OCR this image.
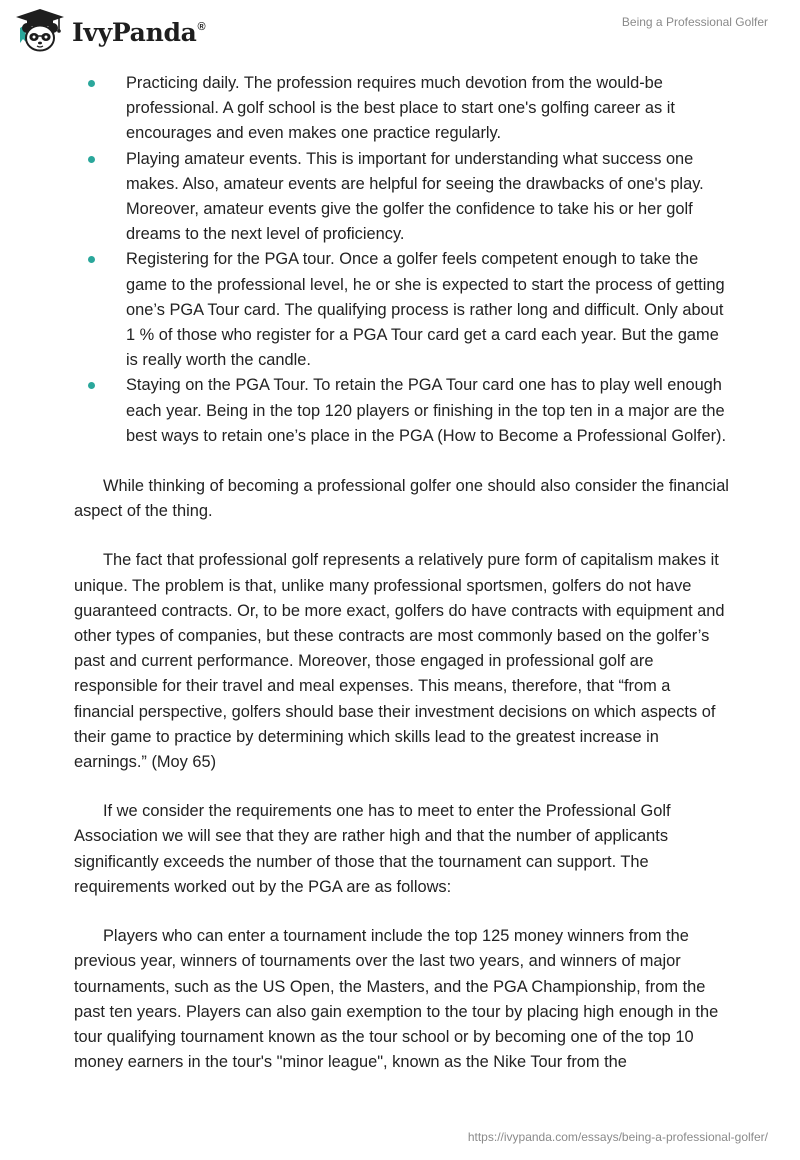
IvyPanda®	Being a Professional Golfer
Practicing daily. The profession requires much devotion from the would-be professional. A golf school is the best place to start one's golfing career as it encourages and even makes one practice regularly.
Playing amateur events. This is important for understanding what success one makes. Also, amateur events are helpful for seeing the drawbacks of one's play. Moreover, amateur events give the golfer the confidence to take his or her golf dreams to the next level of proficiency.
Registering for the PGA tour. Once a golfer feels competent enough to take the game to the professional level, he or she is expected to start the process of getting one’s PGA Tour card. The qualifying process is rather long and difficult. Only about 1 % of those who register for a PGA Tour card get a card each year. But the game is really worth the candle.
Staying on the PGA Tour. To retain the PGA Tour card one has to play well enough each year. Being in the top 120 players or finishing in the top ten in a major are the best ways to retain one’s place in the PGA (How to Become a Professional Golfer).

While thinking of becoming a professional golfer one should also consider the financial aspect of the thing.

The fact that professional golf represents a relatively pure form of capitalism makes it unique. The problem is that, unlike many professional sportsmen, golfers do not have guaranteed contracts. Or, to be more exact, golfers do have contracts with equipment and other types of companies, but these contracts are most commonly based on the golfer’s past and current performance. Moreover, those engaged in professional golf are responsible for their travel and meal expenses. This means, therefore, that “from a financial perspective, golfers should base their investment decisions on which aspects of their game to practice by determining which skills lead to the greatest increase in earnings.” (Moy 65)

If we consider the requirements one has to meet to enter the Professional Golf Association we will see that they are rather high and that the number of applicants significantly exceeds the number of those that the tournament can support. The requirements worked out by the PGA are as follows:

Players who can enter a tournament include the top 125 money winners from the previous year, winners of tournaments over the last two years, and winners of major tournaments, such as the US Open, the Masters, and the PGA Championship, from the past ten years. Players can also gain exemption to the tour by placing high enough in the tour qualifying tournament known as the tour school or by becoming one of the top 10 money earners in the tour's "minor league", known as the Nike Tour from the

https://ivypanda.com/essays/being-a-professional-golfer/
